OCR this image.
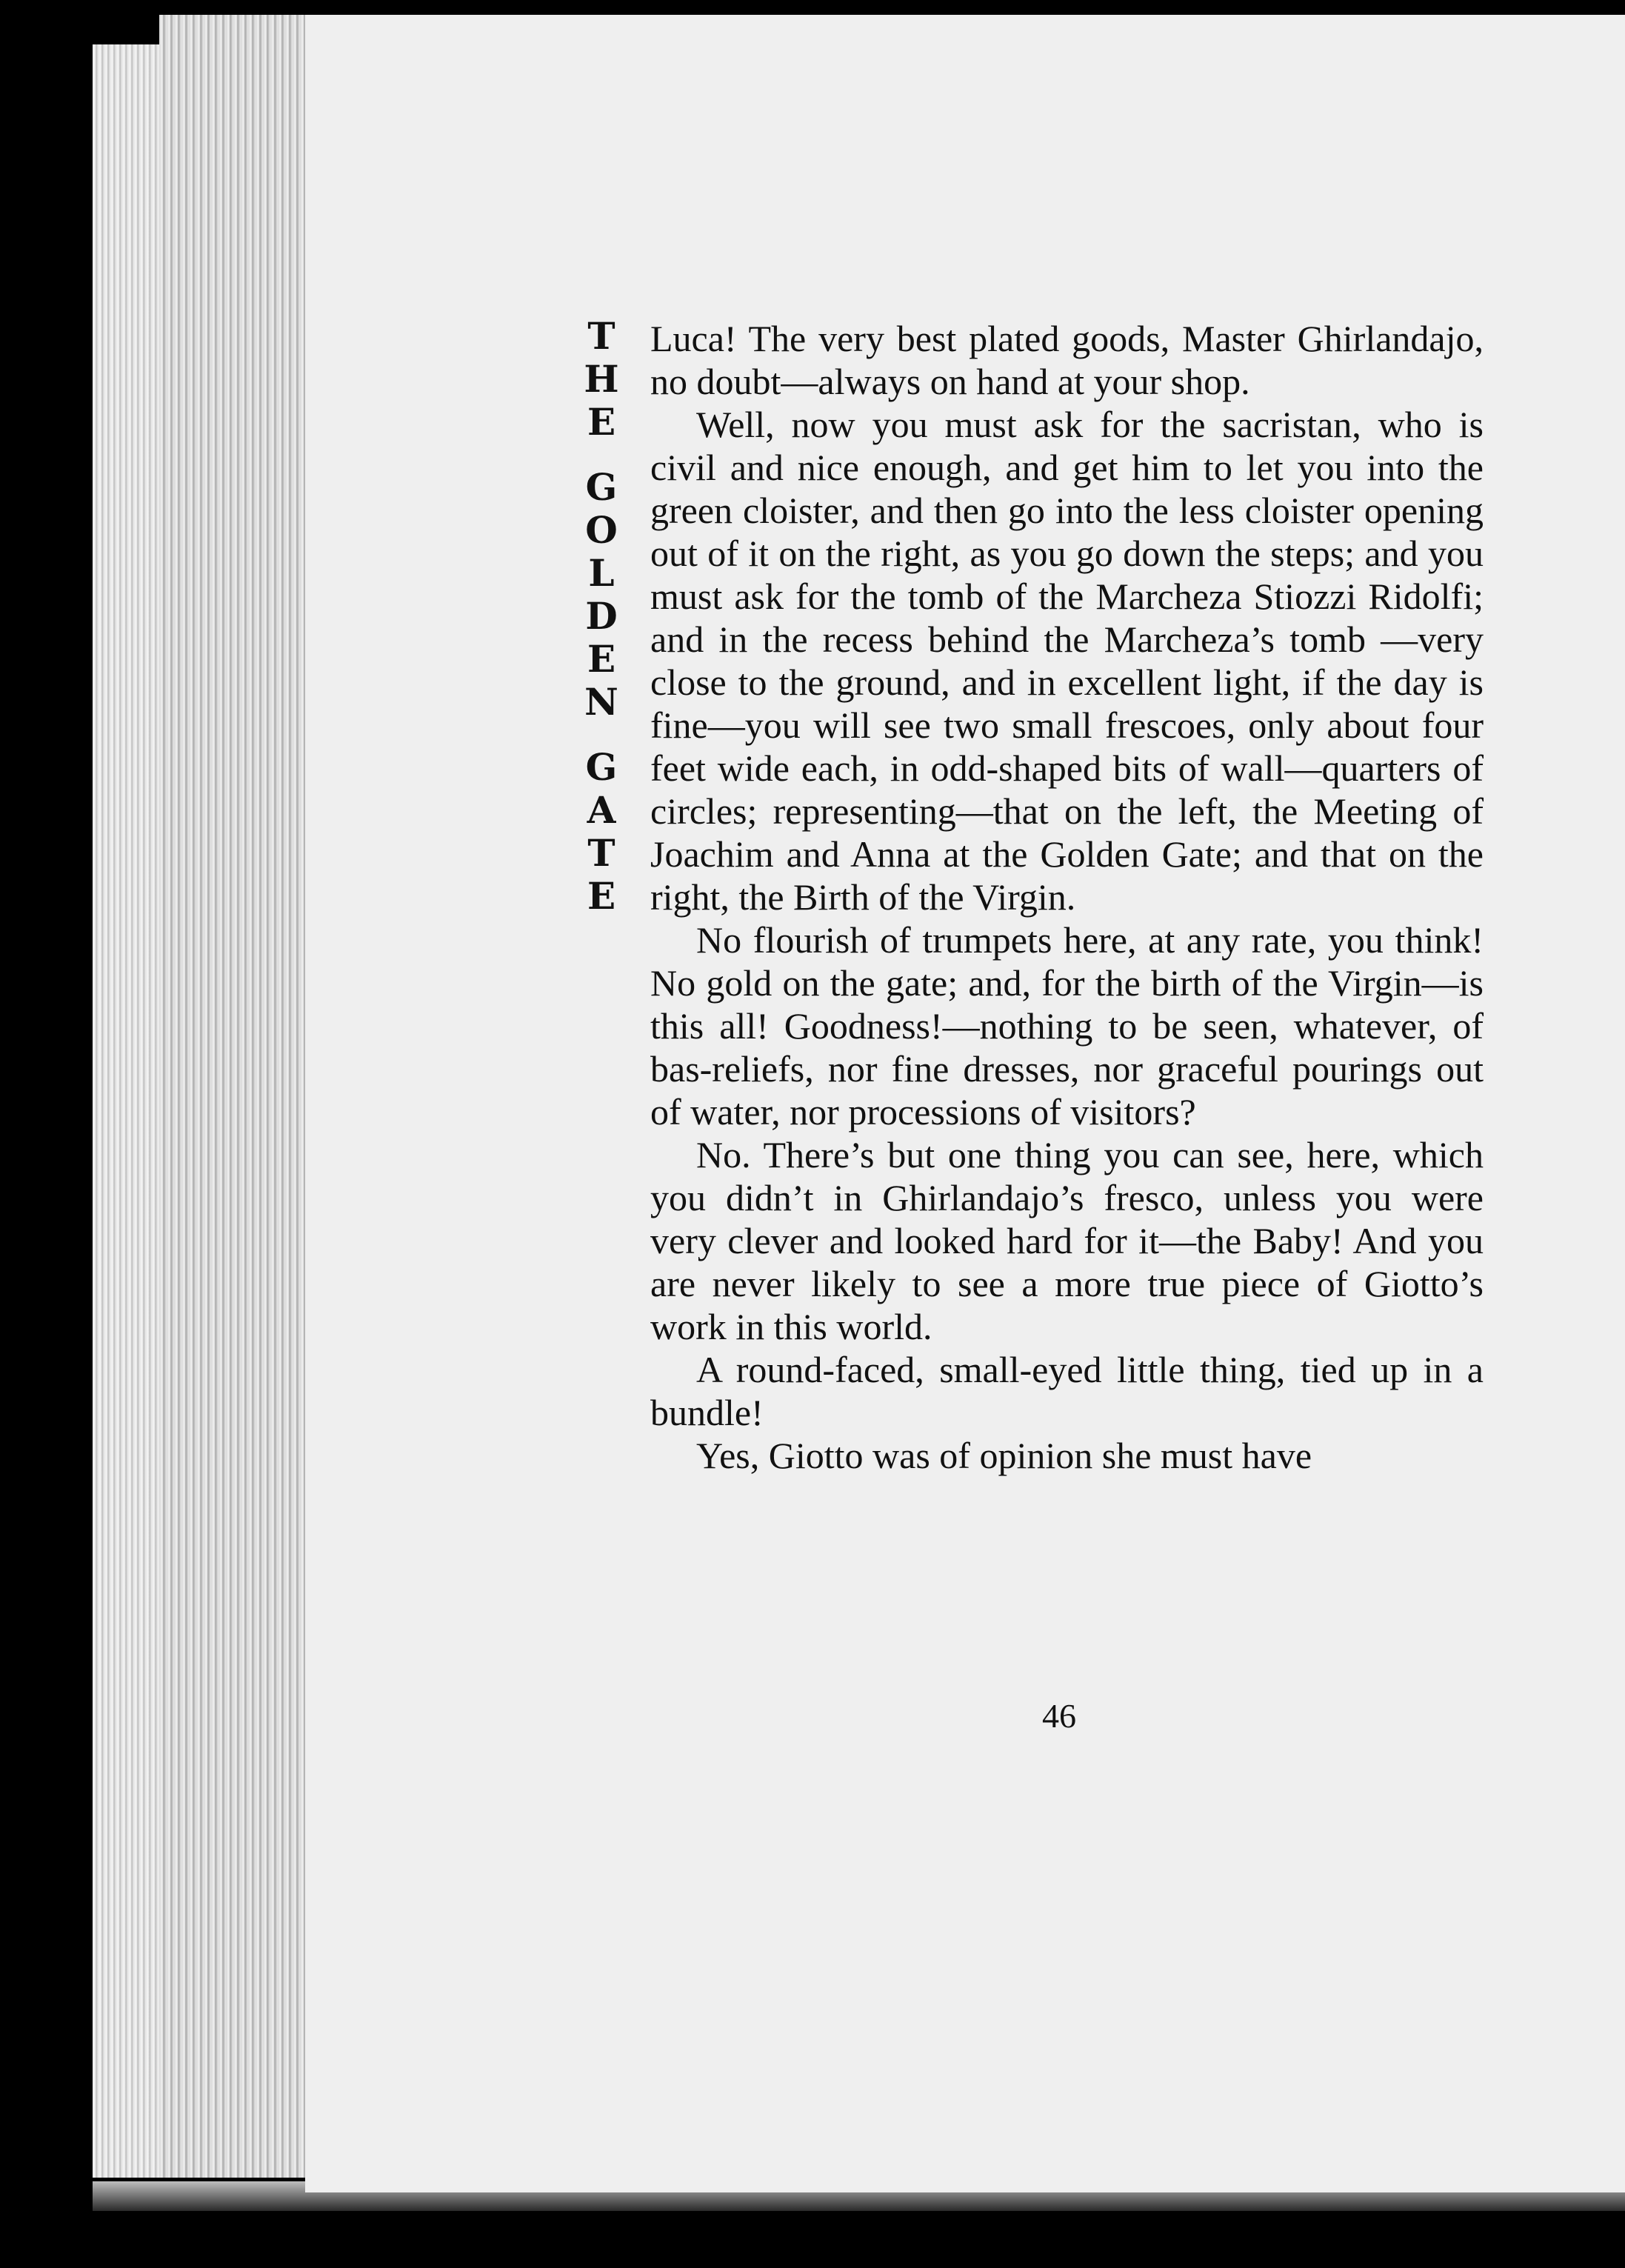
T
H
E
G
O
L
D
E
N
G
A
T
E

Luca! The very best plated goods, Master Ghirlandajo, no doubt—always on hand at your shop.

Well, now you must ask for the sacristan, who is civil and nice enough, and get him to let you into the green cloister, and then go into the less cloister opening out of it on the right, as you go down the steps; and you must ask for the tomb of the Marcheza Stiozzi Ridolfi; and in the recess behind the Marcheza’s tomb —very close to the ground, and in excellent light, if the day is fine—you will see two small frescoes, only about four feet wide each, in odd-shaped bits of wall—quarters of circles; representing—that on the left, the Meeting of Joachim and Anna at the Golden Gate; and that on the right, the Birth of the Virgin.

No flourish of trumpets here, at any rate, you think! No gold on the gate; and, for the birth of the Virgin—is this all! Goodness!—nothing to be seen, whatever, of bas-reliefs, nor fine dresses, nor graceful pourings out of water, nor processions of visitors?

No. There’s but one thing you can see, here, which you didn’t in Ghirlandajo’s fresco, unless you were very clever and looked hard for it—the Baby! And you are never likely to see a more true piece of Giotto’s work in this world.

A round-faced, small-eyed little thing, tied up in a bundle!

Yes, Giotto was of opinion she must have

46
